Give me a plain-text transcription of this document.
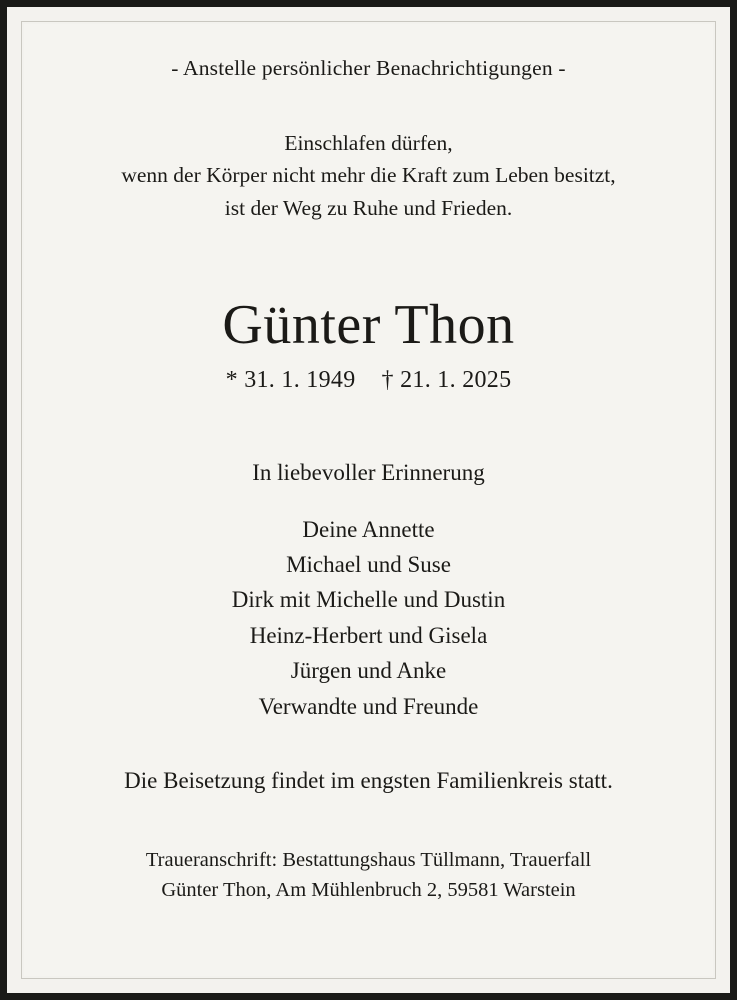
- Anstelle persönlicher Benachrichtigungen -
Einschlafen dürfen,
wenn der Körper nicht mehr die Kraft zum Leben besitzt,
ist der Weg zu Ruhe und Frieden.
Günter Thon
* 31. 1. 1949 † 21. 1. 2025
In liebevoller Erinnerung
Deine Annette
Michael und Suse
Dirk mit Michelle und Dustin
Heinz-Herbert und Gisela
Jürgen und Anke
Verwandte und Freunde
Die Beisetzung findet im engsten Familienkreis statt.
Traueranschrift: Bestattungshaus Tüllmann, Trauerfall
Günter Thon, Am Mühlenbruch 2, 59581 Warstein
